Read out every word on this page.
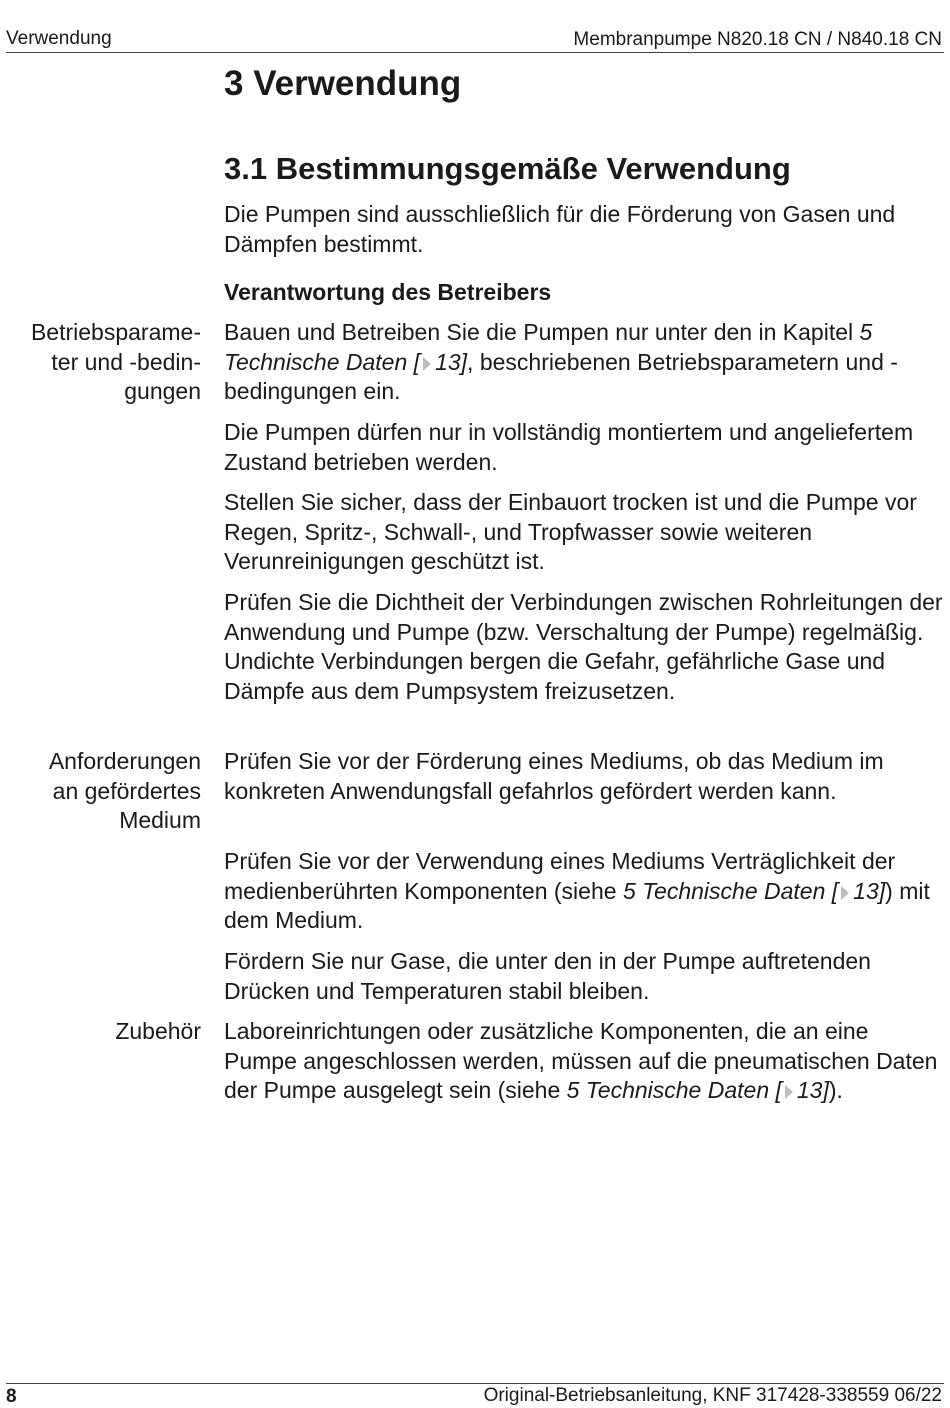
Verwendung	Membranpumpe N820.18 CN / N840.18 CN
3 Verwendung
3.1 Bestimmungsgemäße Verwendung

Die Pumpen sind ausschließlich für die Förderung von Gasen und Dämpfen bestimmt.

Verantwortung des Betreibers
Betriebsparame-
ter und -bedin-
gungen

Bauen und Betreiben Sie die Pumpen nur unter den in Kapitel 5 Technische Daten [ 13], beschriebenen Betriebsparametern und -bedingungen ein.

Die Pumpen dürfen nur in vollständig montiertem und angeliefertem Zustand betrieben werden.

Stellen Sie sicher, dass der Einbauort trocken ist und die Pumpe vor Regen, Spritz-, Schwall-, und Tropfwasser sowie weiteren Verunreinigungen geschützt ist.

Prüfen Sie die Dichtheit der Verbindungen zwischen Rohrleitungen der Anwendung und Pumpe (bzw. Verschaltung der Pumpe) regelmäßig. Undichte Verbindungen bergen die Gefahr, gefährliche Gase und Dämpfe aus dem Pumpsystem freizusetzen.

Anforderungen
an gefördertes
Medium

Prüfen Sie vor der Förderung eines Mediums, ob das Medium im konkreten Anwendungsfall gefahrlos gefördert werden kann.

Prüfen Sie vor der Verwendung eines Mediums Verträglichkeit der medienberührten Komponenten (siehe 5 Technische Daten [ 13]) mit dem Medium.

Fördern Sie nur Gase, die unter den in der Pumpe auftretenden Drücken und Temperaturen stabil bleiben.

Zubehör Laboreinrichtungen oder zusätzliche Komponenten, die an eine Pumpe angeschlossen werden, müssen auf die pneumatischen Daten der Pumpe ausgelegt sein (siehe 5 Technische Daten [ 13]).

8	Original-Betriebsanleitung, KNF 317428-338559 06/22
